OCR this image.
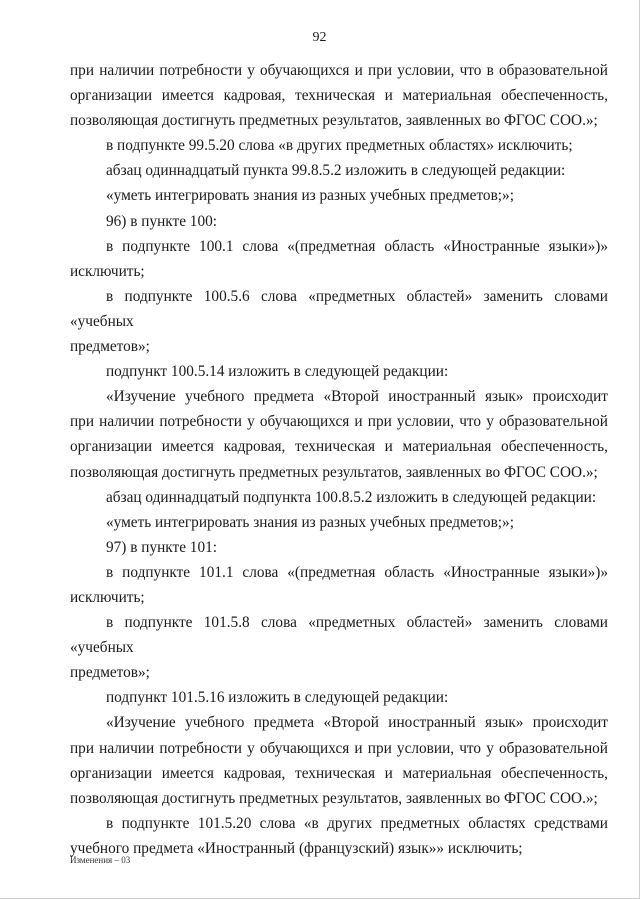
92

при наличии потребности у обучающихся и при условии, что в образовательной

организации имеется кадровая, техническая и материальная обеспеченность,

позволяющая достигнуть предметных результатов, заявленных во ФГОС СОО.»;

в подпункте 99.5.20 слова «в других предметных областях» исключить;

абзац одиннадцатый пункта 99.8.5.2 изложить в следующей редакции:

«уметь интегрировать знания из разных учебных предметов;»;

96) в пункте 100:

в подпункте 100.1 слова «(предметная область «Иностранные языки»)»

исключить;

в подпункте 100.5.6 слова «предметных областей» заменить словами «учебных

предметов»;

подпункт 100.5.14 изложить в следующей редакции:

«Изучение учебного предмета «Второй иностранный язык» происходит

при наличии потребности у обучающихся и при условии, что у образовательной

организации имеется кадровая, техническая и материальная обеспеченность,

позволяющая достигнуть предметных результатов, заявленных во ФГОС СОО.»;

абзац одиннадцатый подпункта 100.8.5.2 изложить в следующей редакции:

«уметь интегрировать знания из разных учебных предметов;»;

97) в пункте 101:

в подпункте 101.1 слова «(предметная область «Иностранные языки»)»

исключить;

в подпункте 101.5.8 слова «предметных областей» заменить словами «учебных

предметов»;

подпункт 101.5.16 изложить в следующей редакции:

«Изучение учебного предмета «Второй иностранный язык» происходит

при наличии потребности у обучающихся и при условии, что у образовательной

организации имеется кадровая, техническая и материальная обеспеченность,

позволяющая достигнуть предметных результатов, заявленных во ФГОС СОО.»;

в подпункте 101.5.20 слова «в других предметных областях средствами

учебного предмета «Иностранный (французский) язык»» исключить;

Изменения – 03
